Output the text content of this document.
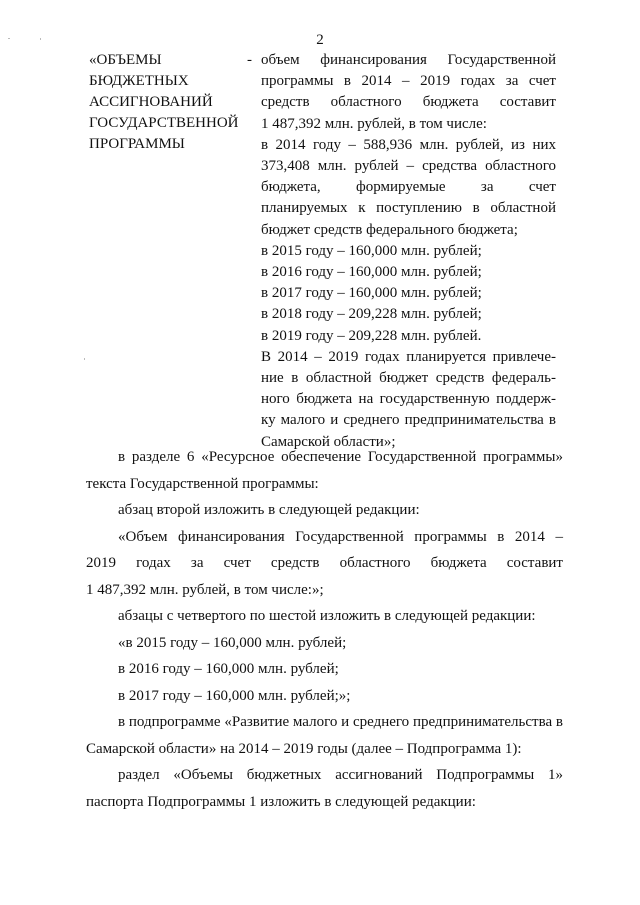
2
«ОБЪЕМЫ
БЮДЖЕТНЫХ
АССИГНОВАНИЙ
ГОСУДАРСТВЕННОЙ
ПРОГРАММЫ
- объем финансирования Государственной
программы в 2014 – 2019 годах за счет
средств областного бюджета составит
1 487,392 млн. рублей, в том числе:
в 2014 году – 588,936 млн. рублей, из них
373,408 млн. рублей – средства областного
бюджета, формируемые за счет
планируемых к поступлению в областной
бюджет средств федерального бюджета;
в 2015 году – 160,000 млн. рублей;
в 2016 году – 160,000 млн. рублей;
в 2017 году – 160,000 млн. рублей;
в 2018 году – 209,228 млн. рублей;
в 2019 году – 209,228 млн. рублей.
В 2014 – 2019 годах планируется привлече-
ние в областной бюджет средств федераль-
ного бюджета на государственную поддерж-
ку малого и среднего предпринимательства в
Самарской области»;
в разделе 6 «Ресурсное обеспечение Государственной программы»
текста Государственной программы:
абзац второй изложить в следующей редакции:
«Объем финансирования Государственной программы в 2014 –
2019 годах за счет средств областного бюджета составит
1 487,392 млн. рублей, в том числе:»;
абзацы с четвертого по шестой изложить в следующей редакции:
«в 2015 году – 160,000 млн. рублей;
в 2016 году – 160,000 млн. рублей;
в 2017 году – 160,000 млн. рублей;»;
в подпрограмме «Развитие малого и среднего предпринимательства в
Самарской области» на 2014 – 2019 годы (далее – Подпрограмма 1):
раздел «Объемы бюджетных ассигнований Подпрограммы 1»
паспорта Подпрограммы 1 изложить в следующей редакции:
